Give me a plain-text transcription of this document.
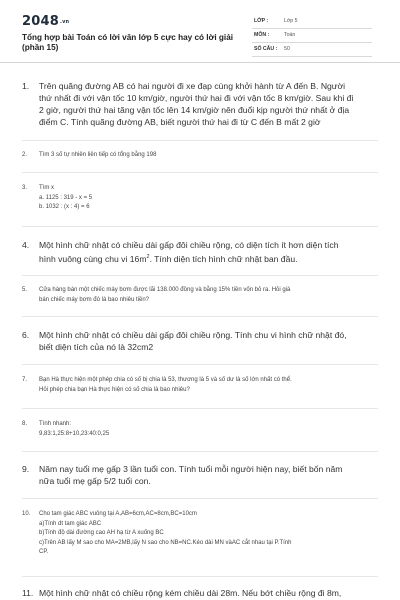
$2048^{.vn}$
Tổng hợp bài Toán có lời văn lớp 5 cực hay có lời giải (phần 15)
LỚP :	Lớp 5
MÔN :	Toán
SỐ CÂU : 50
1. Trên quãng đường AB có hai người đi xe đạp cùng khởi hành từ A đến B. Người
thứ nhất đi với vận tốc 10 km/giờ, người thứ hai đi với vận tốc 8 km/giờ. Sau khi đi
2 giờ, người thứ hai tăng vận tốc lên 14 km/giờ nên đuổi kịp người thứ nhất ở địa
điểm C. Tính quãng đường AB, biết người thứ hai đi từ C đến B mất 2 giờ
2. Tìm 3 số tự nhiên liên tiếp có tổng bằng 198
3. Tìm x
a. 1125 : 319 - x = 5
b. 1032 : (x : 4) = 6
4. Một hình chữ nhật có chiều dài gấp đôi chiều rộng, có diện tích ít hơn diện tích
hình vuông cùng chu vi $16m^2$. Tính diện tích hình chữ nhật ban đầu.
5. Cửa hàng bán một chiếc máy bơm được lãi 138.000 đồng và bằng 15% tiền vốn bỏ ra. Hỏi giá
bán chiếc máy bơm đó là bao nhiêu tiền?
6. Một hình chữ nhật có chiều dài gấp đôi chiều rộng. Tính chu vi hình chữ nhật đó,
biết diện tích của nó là 32cm2
7. Bạn Hà thực hiện một phép chia có số bị chia là 53, thương là 5 và số dư là số lớn nhất có thể.
Hỏi phép chia bạn Hà thực hiện có số chia là bao nhiêu?
8. Tính nhanh:
9,83:1,25:8+10,23:40:0,25
9. Năm nay tuổi mẹ gấp 3 lần tuổi con. Tính tuổi mỗi người hiện nay, biết bốn năm
nữa tuổi mẹ gấp 5/2 tuổi con.
10. Cho tam giác ABC vuông tại A,AB=6cm,AC=8cm,BC=10cm
a)Tính dt tam giác ABC
b)Tính độ dài đường cao AH hạ từ A xuống BC
c)Trên AB lấy M sao cho MA=2MB,lấy N sao cho NB=NC.Kéo dài MN vàAC cắt nhau tại P.Tính
CP.
11. Một hình chữ nhật có chiều rộng kém chiều dài 28m. Nếu bớt chiều rộng đi 8m,
